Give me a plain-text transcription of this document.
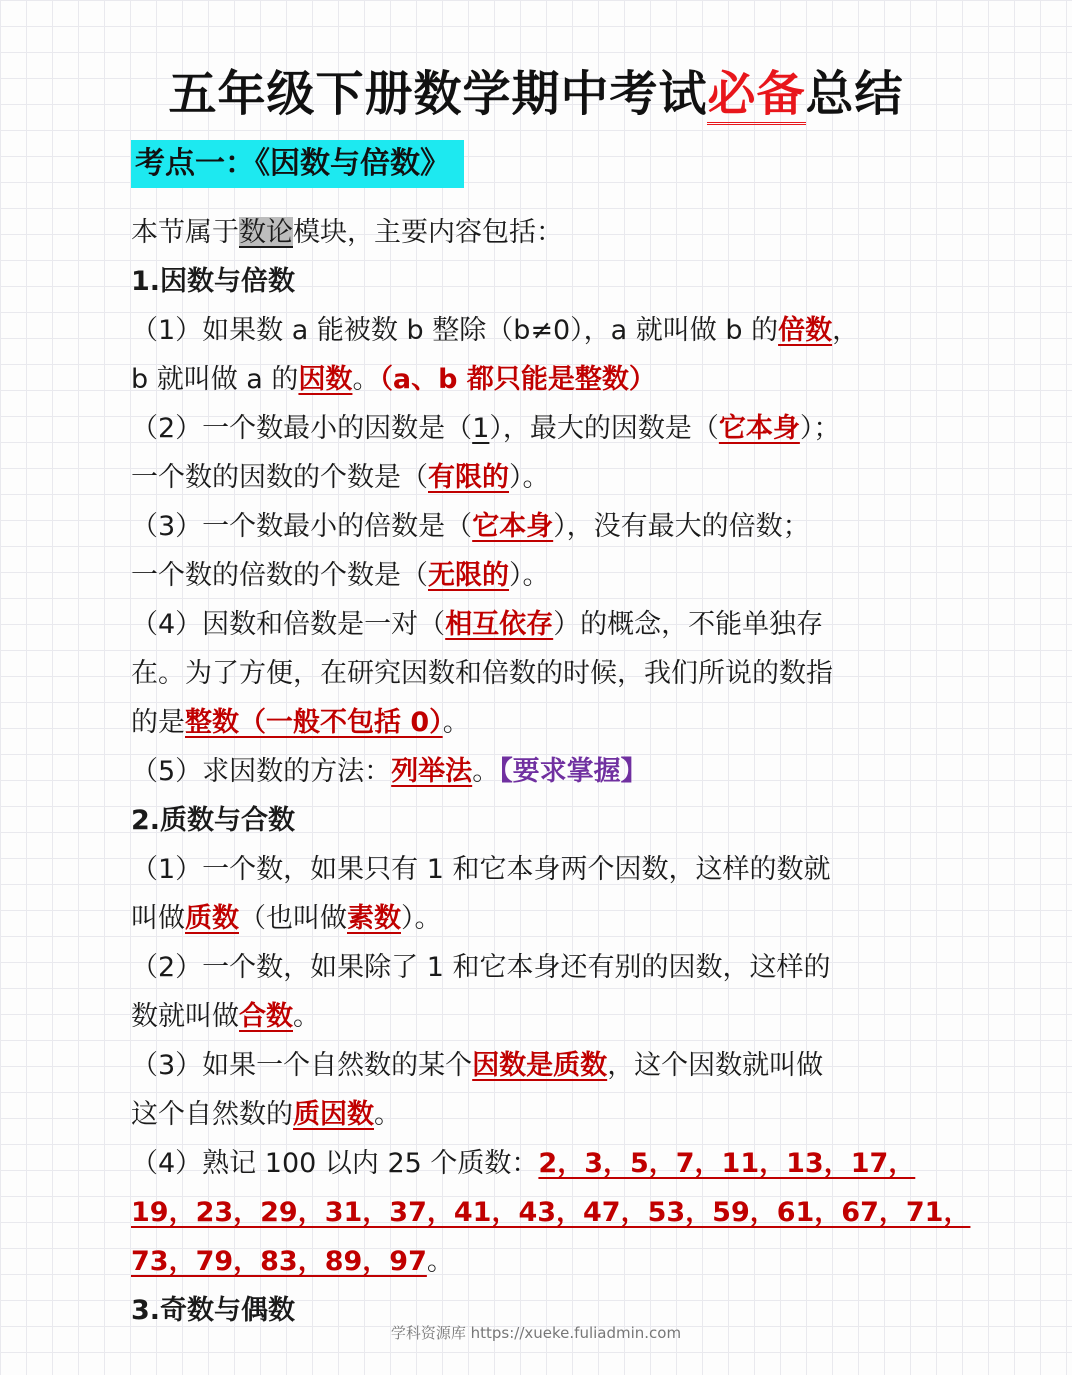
五年级下册数学期中考试必备总结
考点一：《因数与倍数》
本节属于数论模块，主要内容包括：
1.因数与倍数
（1）如果数 a 能被数 b 整除（b≠0），a 就叫做 b 的倍数，
b 就叫做 a 的因数。（a、b 都只能是整数）
（2）一个数最小的因数是（1），最大的因数是（它本身）；
一个数的因数的个数是（有限的）。
（3）一个数最小的倍数是（它本身），没有最大的倍数；
一个数的倍数的个数是（无限的）。
（4）因数和倍数是一对（相互依存）的概念，不能单独存
在。为了方便，在研究因数和倍数的时候，我们所说的数指
的是整数（一般不包括 0）。
（5）求因数的方法：列举法。【要求掌握】
2.质数与合数
（1）一个数，如果只有 1 和它本身两个因数，这样的数就
叫做质数（也叫做素数）。
（2）一个数，如果除了 1 和它本身还有别的因数，这样的
数就叫做合数。
（3）如果一个自然数的某个因数是质数，这个因数就叫做
这个自然数的质因数。
（4）熟记 100 以内 25 个质数：2，3，5，7，11，13，17，
19，23，29，31，37，41，43，47，53，59，61，67，71，
73，79，83，89，97。
3.奇数与偶数
学科资源库 https://xueke.fuliadmin.com
